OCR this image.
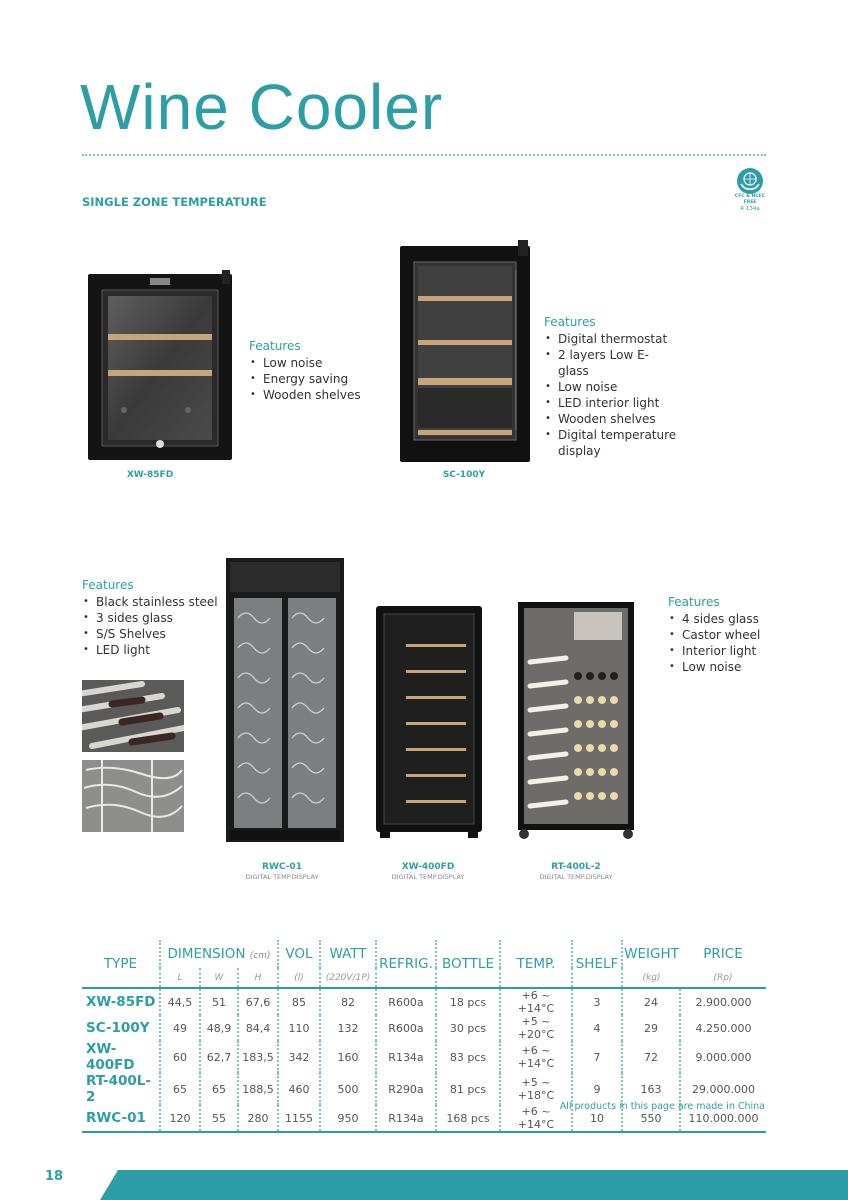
Wine Cooler
SINGLE ZONE TEMPERATURE	CFC & HCFC
FREE
R 134a
XW-85FD
Features
• Low noise
• Energy saving
• Wooden shelves
SC-100Y
Features
• Digital thermostat
• 2 layers Low E-glass
• Low noise
• LED interior light
• Wooden shelves
• Digital temperature display
Features
• Black stainless steel
• 3 sides glass
• S/S Shelves
• LED light
RWC-01
DIGITAL TEMP.DISPLAY
XW-400FD
DIGITAL TEMP.DISPLAY
RT-400L-2
DIGITAL TEMP.DISPLAY
Features
• 4 sides glass
• Castor wheel
• Interior light
• Low noise
TYPE	DIMENSION (cm)			VOL	WATT	REFRIG.	BOTTLE	TEMP.	SHELF	WEIGHT	PRICE
	L	W	H	(l)	(220V/1P)					(kg)	(Rp)
XW-85FD	44,5	51	67,6	85	82	R600a	18 pcs	+6 ~ +14°C	3	24	2.900.000
SC-100Y	49	48,9	84,4	110	132	R600a	30 pcs	+5 ~ +20°C	4	29	4.250.000
XW-400FD	60	62,7	183,5	342	160	R134a	83 pcs	+6 ~ +14°C	7	72	9.000.000
RT-400L-2	65	65	188,5	460	500	R290a	81 pcs	+5 ~ +18°C	9	163	29.000.000
RWC-01	120	55	280	1155	950	R134a	168 pcs	+6 ~ +14°C	10	550	110.000.000
All products in this page are made in China
18
